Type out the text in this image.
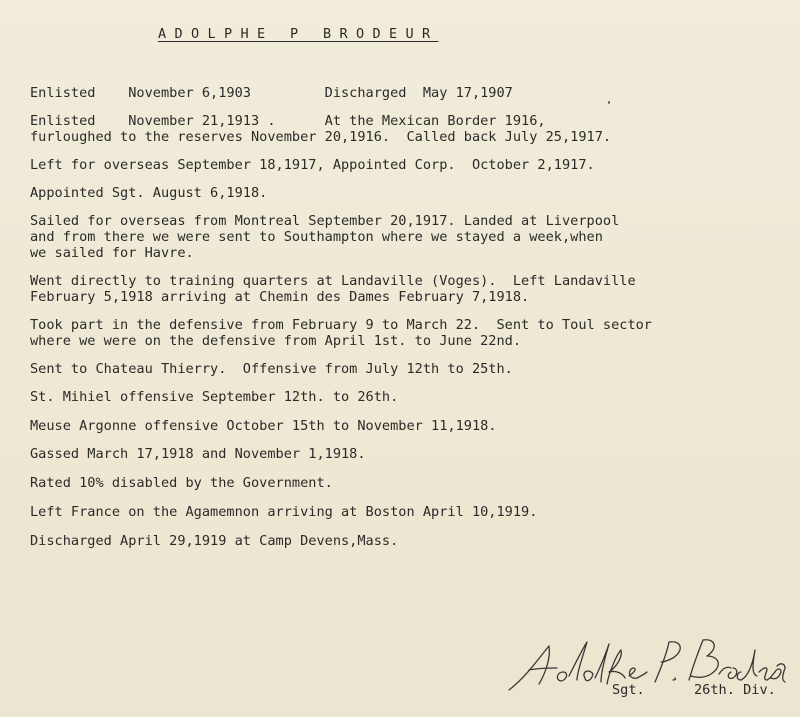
ADOLPHE P BRODEUR
Enlisted    November 6,1903         Discharged  May 17,1907
Enlisted    November 21,1913 .      At the Mexican Border 1916,
furloughed to the reserves November 20,1916.  Called back July 25,1917.
Left for overseas September 18,1917, Appointed Corp.  October 2,1917.
Appointed Sgt. August 6,1918.
Sailed for overseas from Montreal September 20,1917. Landed at Liverpool
and from there we were sent to Southampton where we stayed a week,when
we sailed for Havre.
Went directly to training quarters at Landaville (Voges).  Left Landaville
February 5,1918 arriving at Chemin des Dames February 7,1918.
Took part in the defensive from February 9 to March 22.  Sent to Toul sector
where we were on the defensive from April 1st. to June 22nd.
Sent to Chateau Thierry.  Offensive from July 12th to 25th.
St. Mihiel offensive September 12th. to 26th.
Meuse Argonne offensive October 15th to November 11,1918.
Gassed March 17,1918 and November 1,1918.
Rated 10% disabled by the Government.
Left France on the Agamemnon arriving at Boston April 10,1919.
Discharged April 29,1919 at Camp Devens,Mass.
Sgt.	26th. Div.
